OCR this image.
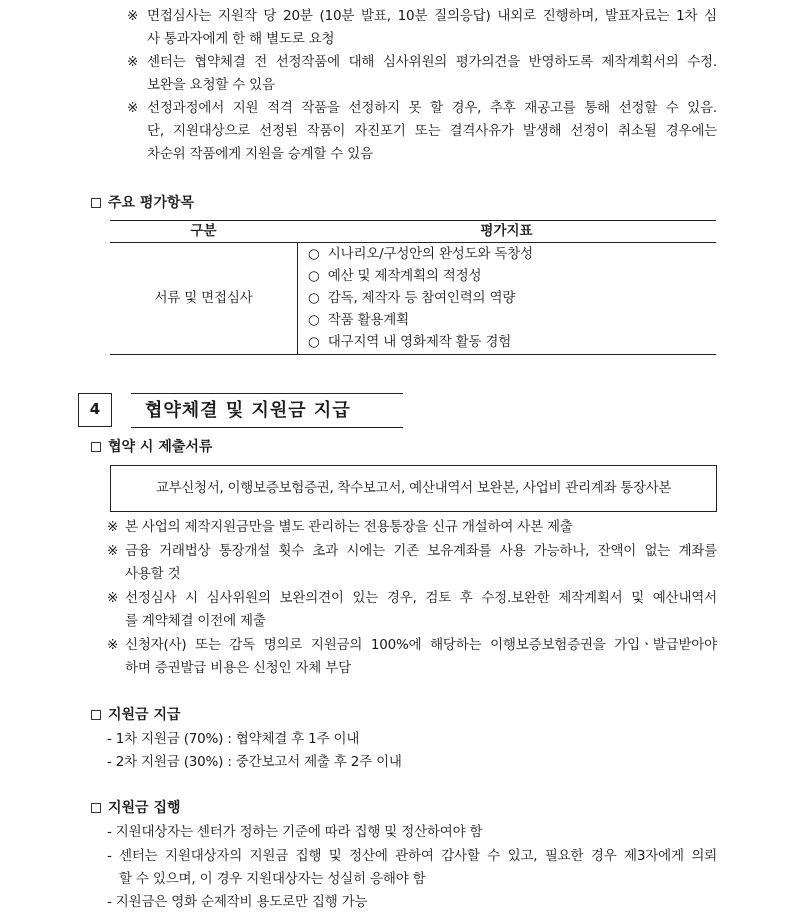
※ 면접심사는 지원작 당 20분 (10분 발표, 10분 질의응답) 내외로 진행하며, 발표자료는 1차 심
사 통과자에게 한 해 별도로 요청
※ 센터는 협약체결 전 선정작품에 대해 심사위원의 평가의견을 반영하도록 제작계획서의 수정.
보완을 요청할 수 있음
※ 선정과정에서 지원 적격 작품을 선정하지 못 할 경우, 추후 재공고를 통해 선정할 수 있음.
단, 지원대상으로 선정된 작품이 자진포기 또는 결격사유가 발생해 선정이 취소될 경우에는
차순위 작품에게 지원을 승계할 수 있음
주요 평가항목
구분	평가지표
서류 및 면접심사
○ 시나리오/구성안의 완성도와 독창성
○ 예산 및 제작계획의 적정성
○ 감독, 제작자 등 참여인력의 역량
○ 작품 활용계획
○ 대구지역 내 영화제작 활동 경험
4	협약체결 및 지원금 지급
협약 시 제출서류
교부신청서, 이행보증보험증권, 착수보고서, 예산내역서 보완본, 사업비 관리계좌 통장사본
※ 본 사업의 제작지원금만을 별도 관리하는 전용통장을 신규 개설하여 사본 제출
※ 금융 거래법상 통장개설 횟수 초과 시에는 기존 보유계좌를 사용 가능하나, 잔액이 없는 계좌를
사용할 것
※ 선정심사 시 심사위원의 보완의견이 있는 경우, 검토 후 수정.보완한 제작계획서 및 예산내역서
를 계약체결 이전에 제출
※ 신청자(사) 또는 감독 명의로 지원금의 100%에 해당하는 이행보증보험증권을 가입ㆍ발급받아야
하며 증권발급 비용은 신청인 자체 부담
지원금 지급
- 1차 지원금 (70%) : 협약체결 후 1주 이내
- 2차 지원금 (30%) : 중간보고서 제출 후 2주 이내
지원금 집행
- 지원대상자는 센터가 정하는 기준에 따라 집행 및 정산하여야 함
- 센터는 지원대상자의 지원금 집행 및 정산에 관하여 감사할 수 있고, 필요한 경우 제3자에게 의뢰
할 수 있으며, 이 경우 지원대상자는 성실히 응해야 함
- 지원금은 영화 순제작비 용도로만 집행 가능
